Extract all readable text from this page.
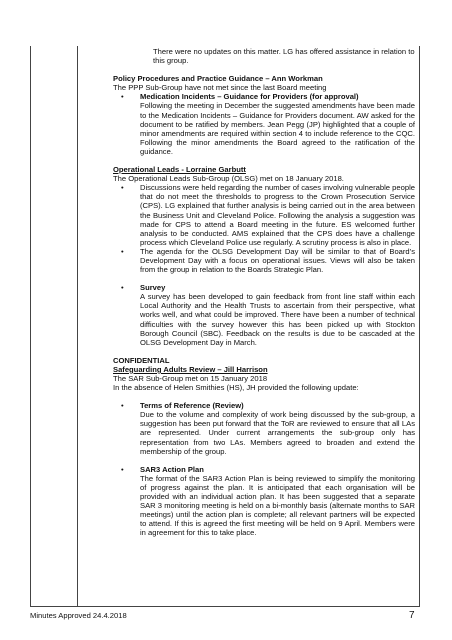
There were no updates on this matter. LG has offered assistance in relation to this group.

Policy Procedures and Practice Guidance – Ann Workman

The PPP Sub-Group have not met since the last Board meeting

• Medication Incidents – Guidance for Providers (for approval)

Following the meeting in December the suggested amendments have been made to the Medication Incidents – Guidance for Providers document. AW asked for the document to be ratified by members. Jean Pegg (JP) highlighted that a couple of minor amendments are required within section 4 to include reference to the CQC. Following the minor amendments the Board agreed to the ratification of the guidance.

Operational Leads - Lorraine Garbutt

The Operational Leads Sub-Group (OLSG) met on 18 January 2018.

• Discussions were held regarding the number of cases involving vulnerable people that do not meet the thresholds to progress to the Crown Prosecution Service (CPS). LG explained that further analysis is being carried out in the area between the Business Unit and Cleveland Police. Following the analysis a suggestion was made for CPS to attend a Board meeting in the future. ES welcomed further analysis to be conducted. AMS explained that the CPS does have a challenge process which Cleveland Police use regularly. A scrutiny process is also in place.

• The agenda for the OLSG Development Day will be similar to that of Board’s Development Day with a focus on operational issues. Views will also be taken from the group in relation to the Boards Strategic Plan.

• Survey

A survey has been developed to gain feedback from front line staff within each Local Authority and the Health Trusts to ascertain from their perspective, what works well, and what could be improved. There have been a number of technical difficulties with the survey however this has been picked up with Stockton Borough Council (SBC). Feedback on the results is due to be cascaded at the OLSG Development Day in March.

CONFIDENTIAL

Safeguarding Adults Review – Jill Harrison

The SAR Sub-Group met on 15 January 2018

In the absence of Helen Smithies (HS), JH provided the following update:

• Terms of Reference (Review)

Due to the volume and complexity of work being discussed by the sub-group, a suggestion has been put forward that the ToR are reviewed to ensure that all LAs are represented. Under current arrangements the sub-group only has representation from two LAs. Members agreed to broaden and extend the membership of the group.

• SAR3 Action Plan

The format of the SAR3 Action Plan is being reviewed to simplify the monitoring of progress against the plan. It is anticipated that each organisation will be provided with an individual action plan. It has been suggested that a separate SAR 3 monitoring meeting is held on a bi-monthly basis (alternate months to SAR meetings) until the action plan is complete; all relevant partners will be expected to attend. If this is agreed the first meeting will be held on 9 April. Members were in agreement for this to take place.

Minutes Approved 24.4.2018	7
